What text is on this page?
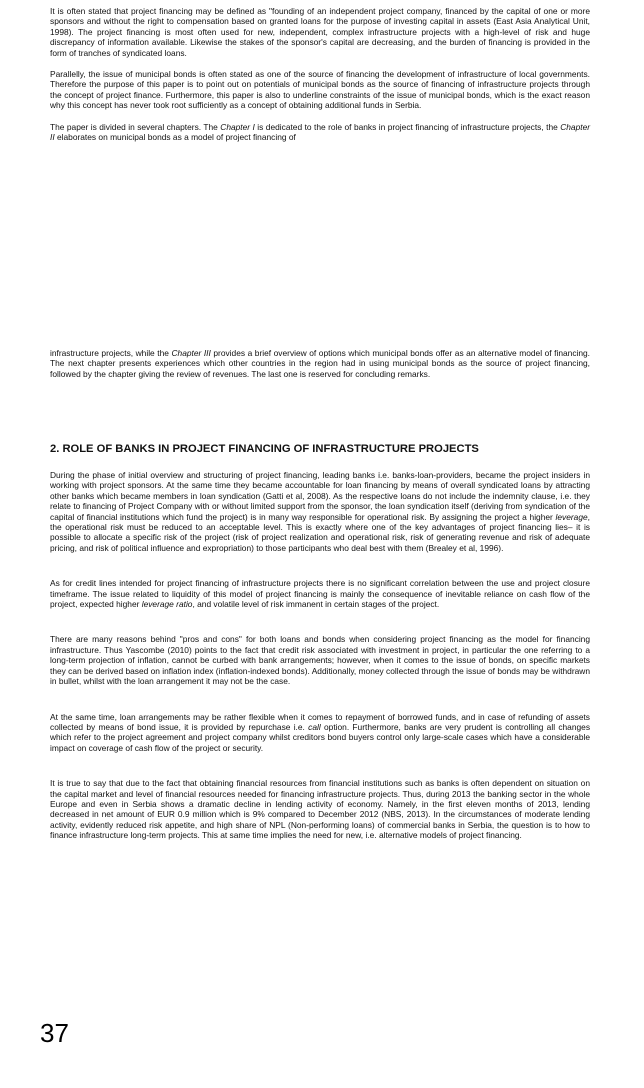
It is often stated that project financing may be defined as "founding of an independent project company, financed by the capital of one or more sponsors and without the right to compensation based on granted loans for the purpose of investing capital in assets (East Asia Analytical Unit, 1998). The project financing is most often used for new, independent, complex infrastructure projects with a high-level of risk and huge discrepancy of information available. Likewise the stakes of the sponsor's capital are decreasing, and the burden of financing is provided in the form of tranches of syndicated loans.

Parallelly, the issue of municipal bonds is often stated as one of the source of financing the development of infrastructure of local governments. Therefore the purpose of this paper is to point out on potentials of municipal bonds as the source of financing of infrastructure projects through the concept of project finance. Furthermore, this paper is also to underline constraints of the issue of municipal bonds, which is the exact reason why this concept has never took root sufficiently as a concept of obtaining additional funds in Serbia.

The paper is divided in several chapters. The Chapter I is dedicated to the role of banks in project financing of infrastructure projects, the Chapter II elaborates on municipal bonds as a model of project financing of

infrastructure projects, while the Chapter III provides a brief overview of options which municipal bonds offer as an alternative model of financing. The next chapter presents experiences which other countries in the region had in using municipal bonds as the source of project financing, followed by the chapter giving the review of revenues. The last one is reserved for concluding remarks.

2. ROLE OF BANKS IN PROJECT FINANCING OF INFRASTRUCTURE PROJECTS

During the phase of initial overview and structuring of project financing, leading banks i.e. banks-loan-providers, became the project insiders in working with project sponsors. At the same time they became accountable for loan financing by means of overall syndicated loans by attracting other banks which became members in loan syndication (Gatti et al, 2008). As the respective loans do not include the indemnity clause, i.e. they relate to financing of Project Company with or without limited support from the sponsor, the loan syndication itself (deriving from syndication of the capital of financial institutions which fund the project) is in many way responsible for operational risk. By assigning the project a higher leverage, the operational risk must be reduced to an acceptable level. This is exactly where one of the key advantages of project financing lies– it is possible to allocate a specific risk of the project (risk of project realization and operational risk, risk of generating revenue and risk of adequate pricing, and risk of political influence and expropriation) to those participants who deal best with them (Brealey et al, 1996).

As for credit lines intended for project financing of infrastructure projects there is no significant correlation between the use and project closure timeframe. The issue related to liquidity of this model of project financing is mainly the consequence of inevitable reliance on cash flow of the project, expected higher leverage ratio, and volatile level of risk immanent in certain stages of the project.

There are many reasons behind "pros and cons" for both loans and bonds when considering project financing as the model for financing infrastructure. Thus Yascombe (2010) points to the fact that credit risk associated with investment in project, in particular the one referring to a long-term projection of inflation, cannot be curbed with bank arrangements; however, when it comes to the issue of bonds, on specific markets they can be derived based on inflation index (inflation-indexed bonds). Additionally, money collected through the issue of bonds may be withdrawn in bullet, whilst with the loan arrangement it may not be the case.

At the same time, loan arrangements may be rather flexible when it comes to repayment of borrowed funds, and in case of refunding of assets collected by means of bond issue, it is provided by repurchase i.e. call option. Furthermore, banks are very prudent is controlling all changes which refer to the project agreement and project company whilst creditors bond buyers control only large-scale cases which have a considerable impact on coverage of cash flow of the project or security.

It is true to say that due to the fact that obtaining financial resources from financial institutions such as banks is often dependent on situation on the capital market and level of financial resources needed for financing infrastructure projects. Thus, during 2013 the banking sector in the whole Europe and even in Serbia shows a dramatic decline in lending activity of economy. Namely, in the first eleven months of 2013, lending decreased in net amount of EUR 0.9 million which is 9% compared to December 2012 (NBS, 2013). In the circumstances of moderate lending activity, evidently reduced risk appetite, and high share of NPL (Non-performing loans) of commercial banks in Serbia, the question is to how to finance infrastructure long-term projects. This at same time implies the need for new, i.e. alternative models of project financing.

37
